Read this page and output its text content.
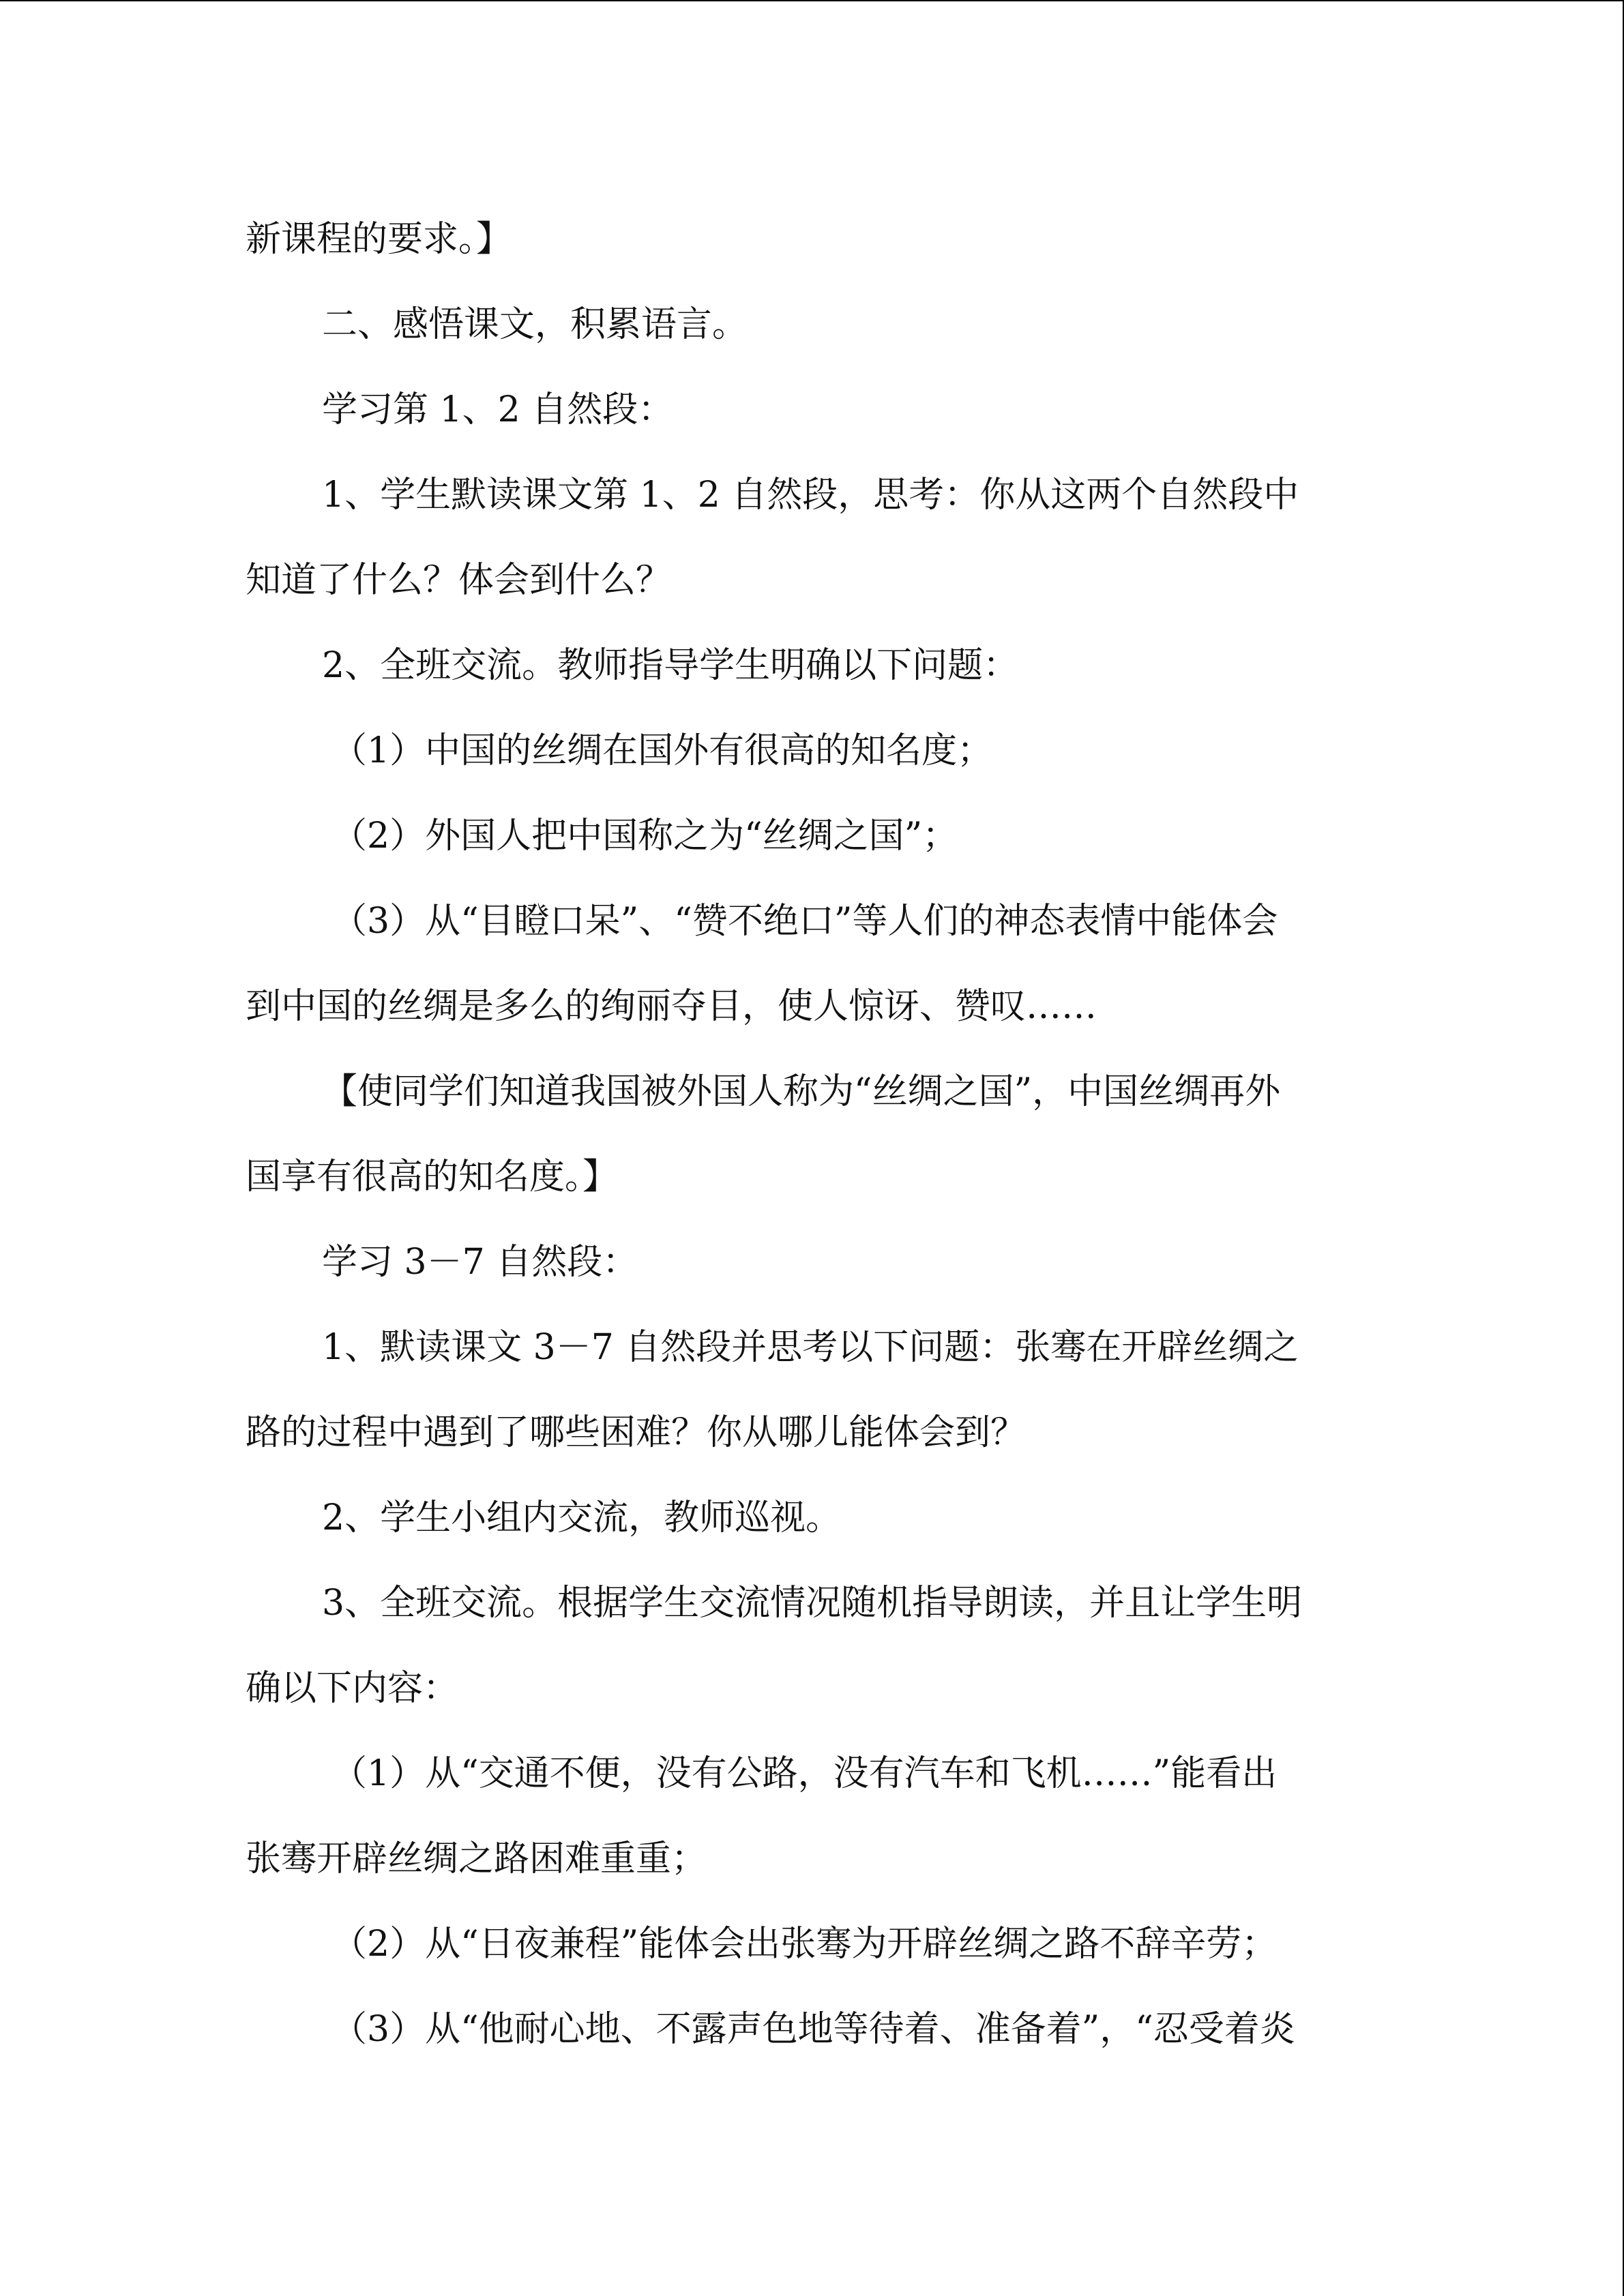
新课程的要求。】

二、感悟课文，积累语言。

学习第 1、2 自然段：

1、学生默读课文第 1、2 自然段，思考：你从这两个自然段中

知道了什么？体会到什么？

2、全班交流。教师指导学生明确以下问题：

（1）中国的丝绸在国外有很高的知名度；

（2）外国人把中国称之为“丝绸之国”；

（3）从“目瞪口呆”、“赞不绝口”等人们的神态表情中能体会

到中国的丝绸是多么的绚丽夺目，使人惊讶、赞叹……

【使同学们知道我国被外国人称为“丝绸之国”，中国丝绸再外

国享有很高的知名度。】

学习 3－7 自然段：

1、默读课文 3－7 自然段并思考以下问题：张骞在开辟丝绸之

路的过程中遇到了哪些困难？你从哪儿能体会到？

2、学生小组内交流，教师巡视。

3、全班交流。根据学生交流情况随机指导朗读，并且让学生明

确以下内容：

（1）从“交通不便，没有公路，没有汽车和飞机……”能看出

张骞开辟丝绸之路困难重重；

（2）从“日夜兼程”能体会出张骞为开辟丝绸之路不辞辛劳；

（3）从“他耐心地、不露声色地等待着、准备着”，“忍受着炎
